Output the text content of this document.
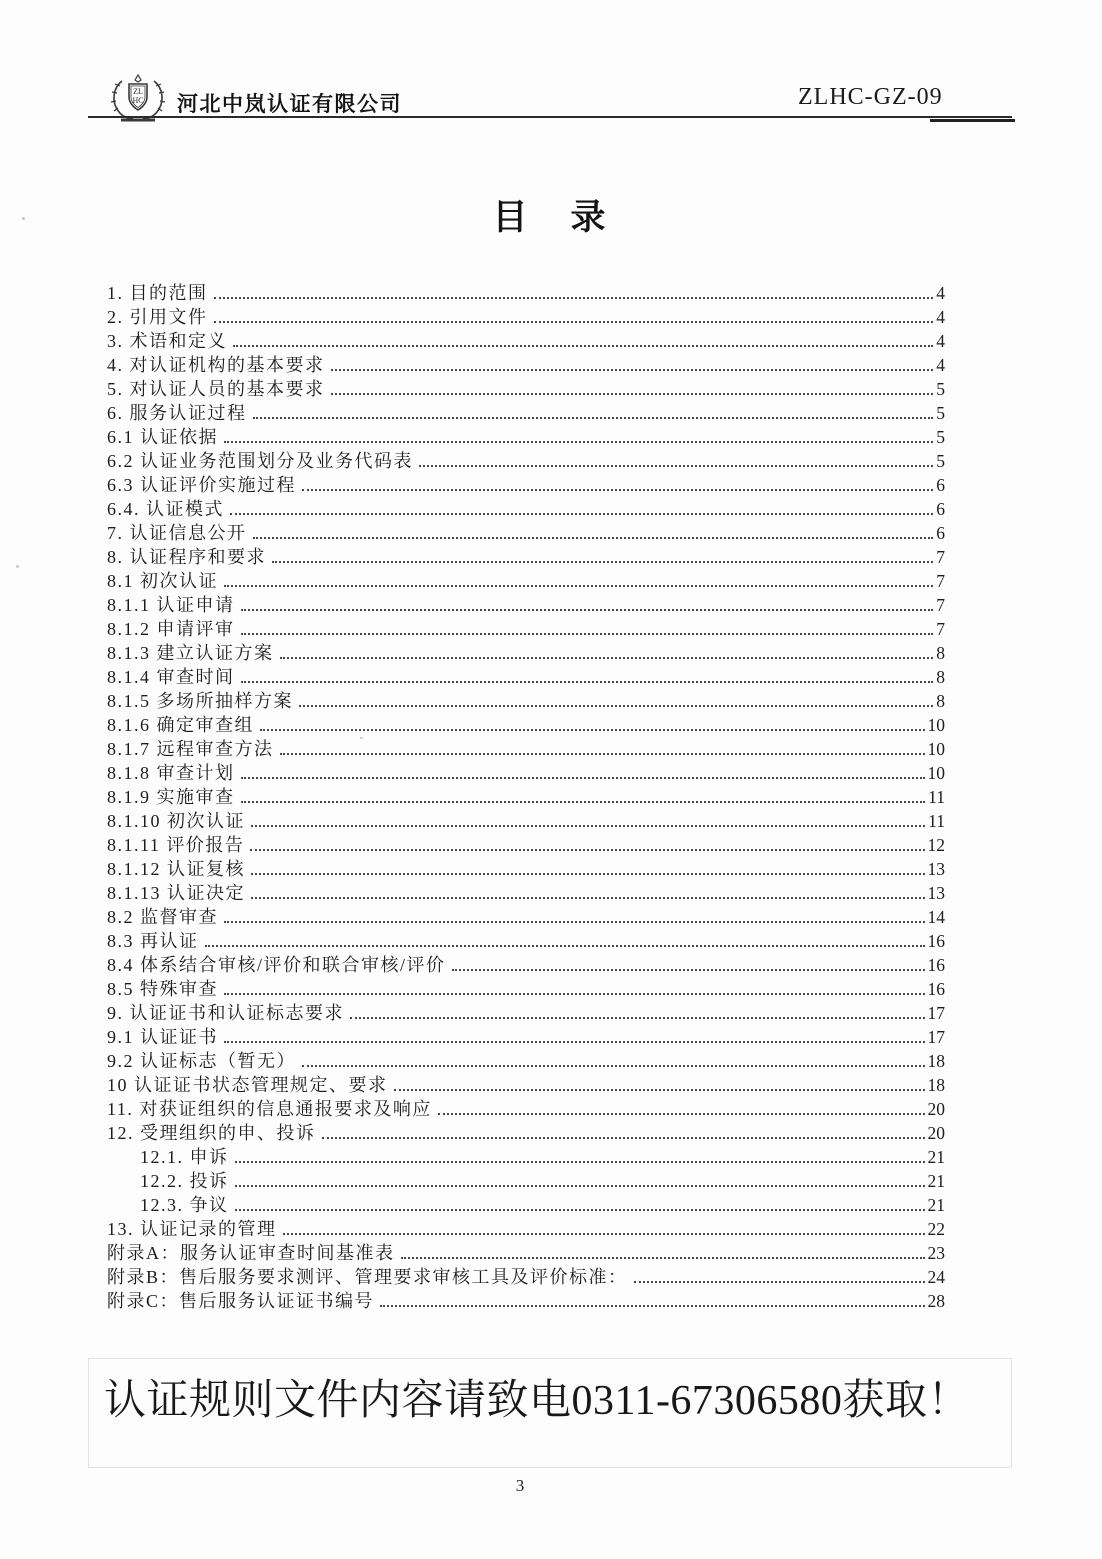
ZL
HC 河北中岚认证有限公司	ZLHC-GZ-09
目　录
1. 目的范围	4
2. 引用文件	4
3. 术语和定义	4
4. 对认证机构的基本要求	4
5. 对认证人员的基本要求	5
6. 服务认证过程	5
6.1 认证依据	5
6.2 认证业务范围划分及业务代码表	5
6.3 认证评价实施过程	6
6.4. 认证模式	6
7. 认证信息公开	6
8. 认证程序和要求	7
8.1 初次认证	7
8.1.1 认证申请	7
8.1.2 申请评审	7
8.1.3 建立认证方案	8
8.1.4 审查时间	8
8.1.5 多场所抽样方案	8
8.1.6 确定审查组	10
8.1.7 远程审查方法	10
8.1.8 审查计划	10
8.1.9 实施审查	11
8.1.10 初次认证	11
8.1.11 评价报告	12
8.1.12 认证复核	13
8.1.13 认证决定	13
8.2 监督审查	14
8.3 再认证	16
8.4 体系结合审核/评价和联合审核/评价	16
8.5 特殊审查	16
9. 认证证书和认证标志要求	17
9.1 认证证书	17
9.2 认证标志（暂无）	18
10 认证证书状态管理规定、要求	18
11. 对获证组织的信息通报要求及响应	20
12. 受理组织的申、投诉	20
12.1. 申诉	21
12.2. 投诉	21
12.3. 争议	21
13. 认证记录的管理	22
附录A：服务认证审查时间基准表	23
附录B：售后服务要求测评、管理要求审核工具及评价标准：	24
附录C：售后服务认证证书编号	28
认证规则文件内容请致电0311-67306580获取！
3
